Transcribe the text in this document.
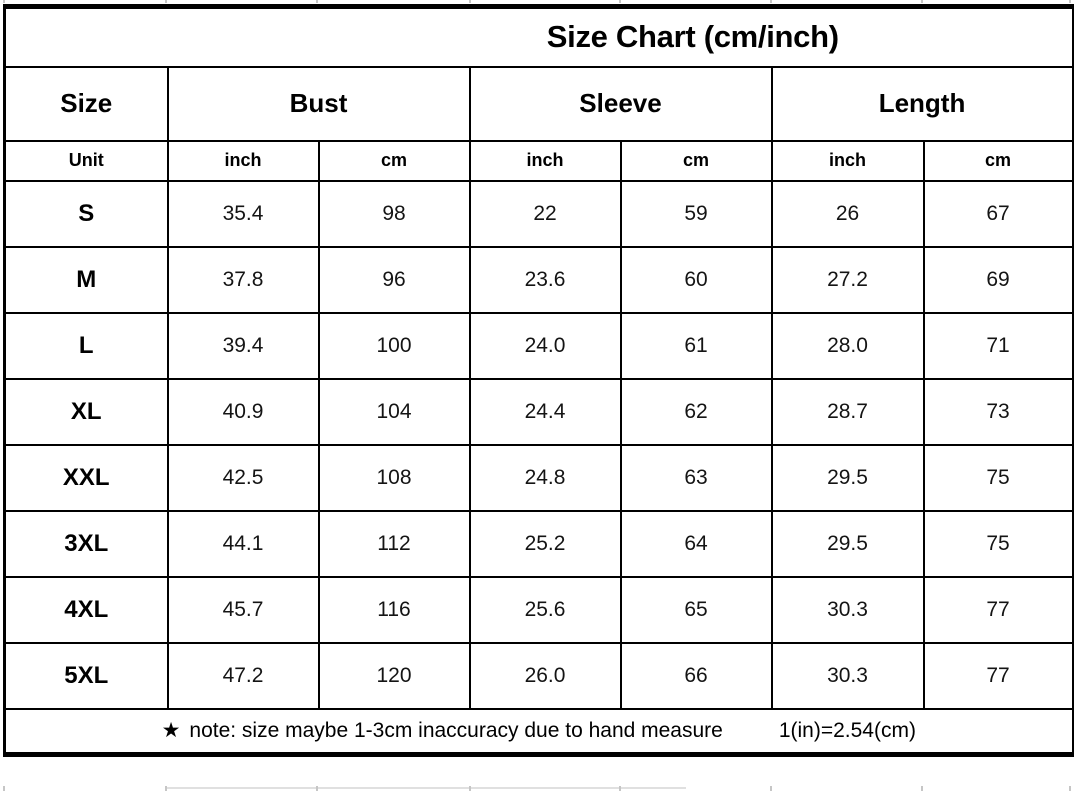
Size Chart (cm/inch)						
Size	Bust		Sleeve		Length	
Unit	inch	cm	inch	cm	inch	cm
S	35.4	98	22	59	26	67
M	37.8	96	23.6	60	27.2	69
L	39.4	100	24.0	61	28.0	71
XL	40.9	104	24.4	62	28.7	73
XXL	42.5	108	24.8	63	29.5	75
3XL	44.1	112	25.2	64	29.5	75
4XL	45.7	116	25.6	65	30.3	77
5XL	47.2	120	26.0	66	30.3	77

★ note: size maybe 1-3cm inaccuracy due to hand measure 1(in)=2.54(cm)						
